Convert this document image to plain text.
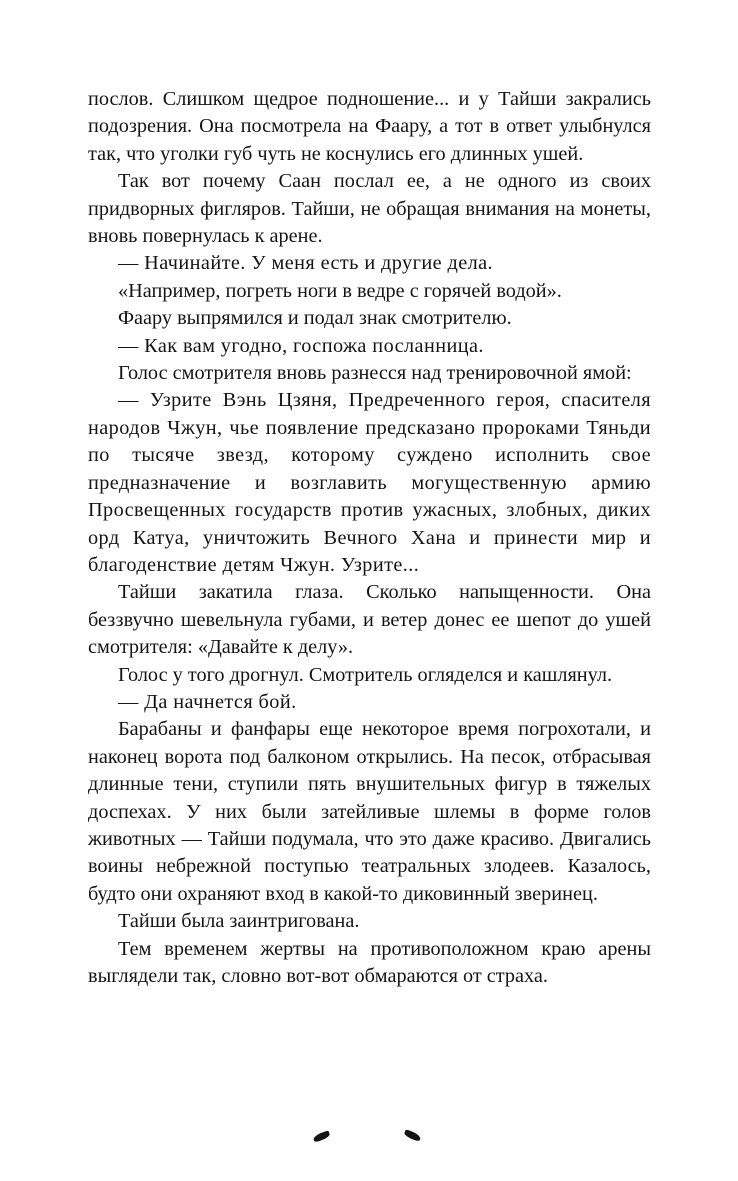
послов. Слишком щедрое подношение... и у Тайши закрались подозрения. Она посмотрела на Фаару, а тот в ответ улыбнулся так, что уголки губ чуть не коснулись его длинных ушей.

Так вот почему Саан послал ее, а не одного из своих придворных фигляров. Тайши, не обращая внимания на монеты, вновь повернулась к арене.

— Начинайте. У меня есть и другие дела.

«Например, погреть ноги в ведре с горячей водой».

Фаару выпрямился и подал знак смотрителю.

— Как вам угодно, госпожа посланница.

Голос смотрителя вновь разнесся над тренировочной ямой:

— Узрите Вэнь Цзяня, Предреченного героя, спасителя народов Чжун, чье появление предсказано пророками Тяньди по тысяче звезд, которому суждено исполнить свое предназначение и возглавить могущественную армию Просвещенных государств против ужасных, злобных, диких орд Катуа, уничтожить Вечного Хана и принести мир и благоденствие детям Чжун. Узрите...

Тайши закатила глаза. Сколько напыщенности. Она беззвучно шевельнула губами, и ветер донес ее шепот до ушей смотрителя: «Давайте к делу».

Голос у того дрогнул. Смотритель огляделся и кашлянул.

— Да начнется бой.

Барабаны и фанфары еще некоторое время погрохотали, и наконец ворота под балконом открылись. На песок, отбрасывая длинные тени, ступили пять внушительных фигур в тяжелых доспехах. У них были затейливые шлемы в форме голов животных — Тайши подумала, что это даже красиво. Двигались воины небрежной поступью театральных злодеев. Казалось, будто они охраняют вход в какой-то диковинный зверинец.

Тайши была заинтригована.

Тем временем жертвы на противоположном краю арены выглядели так, словно вот-вот обмараются от страха.
